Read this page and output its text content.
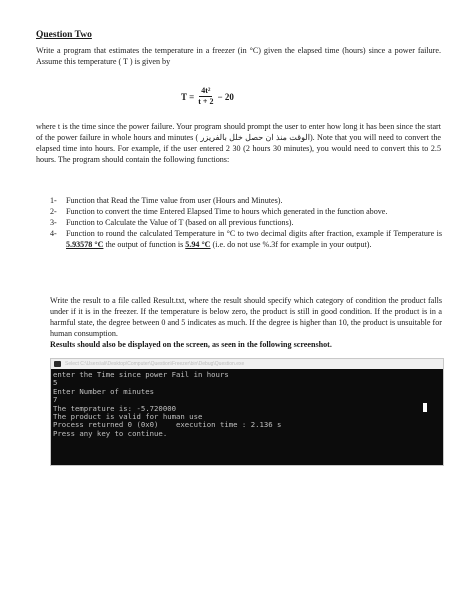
Question Two
Write a program that estimates the temperature in a freezer (in °C) given the elapsed time (hours) since a power failure. Assume this temperature ( T ) is given by
$T = \frac{\text{4t²}}{t + 2} - 20$
where t is the time since the power failure. Your program should prompt the user to enter how long it has been since the start of the power failure in whole hours and minutes ( الوقت منذ ان حصل خلل بالفريزر). Note that you will need to convert the elapsed time into hours. For example, if the user entered 2 30 (2 hours 30 minutes), you would need to convert this to 2.5 hours. The program should contain the following functions:
1-	Function that Read the Time value from user (Hours and Minutes).
2-	Function to convert the time Entered Elapsed Time to hours which generated in the function above.
3-	Function to Calculate the Value of T (based on all previous functions).
4-	Function to round the calculated Temperature in °C to two decimal digits after fraction, example if Temperature is 5.93578 °C the output of function is 5.94 °C (i.e. do not use %.3f for example in your output).
Write the result to a file called Result.txt, where the result should specify which category of condition the product falls under if it is in the freezer. If the temperature is below zero, the product is still in good condition. If the product is in a harmful state, the degree between 0 and 5 indicates as much. If the degree is higher than 10, the product is unsuitable for human consumption.
Results should also be displayed on the screen, as seen in the following screenshot.
Select C:\Users\ali\Desktop\Computer\Question\Freezer\bin\Debug\Question.exe
enter the Time since power Fail in hours
5
Enter Number of minutes
7
The temprature is: -5.720000
The product is valid for human use
Process returned 0 (0x0)    execution time : 2.136 s
Press any key to continue.
